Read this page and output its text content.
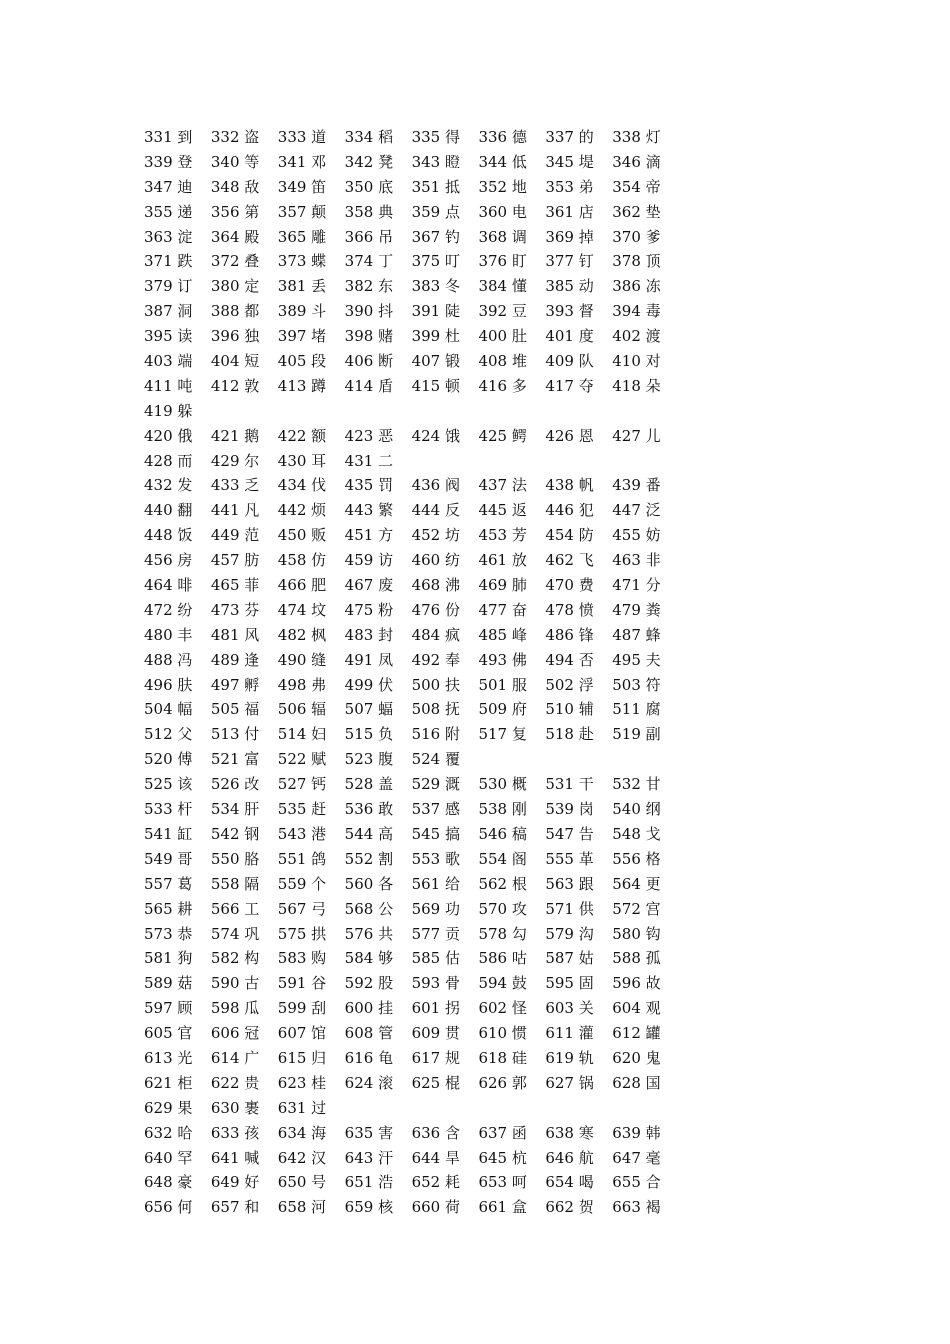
331 到 332 盗 333 道 334 稻 335 得 336 德 337 的 338 灯
339 登 340 等 341 邓 342 凳 343 瞪 344 低 345 堤 346 滴
347 迪 348 敌 349 笛 350 底 351 抵 352 地 353 弟 354 帝
355 递 356 第 357 颠 358 典 359 点 360 电 361 店 362 垫
363 淀 364 殿 365 雕 366 吊 367 钓 368 调 369 掉 370 爹
371 跌 372 叠 373 蝶 374 丁 375 叮 376 盯 377 钉 378 顶
379 订 380 定 381 丢 382 东 383 冬 384 懂 385 动 386 冻
387 洞 388 都 389 斗 390 抖 391 陡 392 豆 393 督 394 毒
395 读 396 独 397 堵 398 赌 399 杜 400 肚 401 度 402 渡
403 端 404 短 405 段 406 断 407 锻 408 堆 409 队 410 对
411 吨 412 敦 413 蹲 414 盾 415 顿 416 多 417 夺 418 朵
419 躲
420 俄 421 鹅 422 额 423 恶 424 饿 425 鳄 426 恩 427 儿
428 而 429 尔 430 耳 431 二
432 发 433 乏 434 伐 435 罚 436 阀 437 法 438 帆 439 番
440 翻 441 凡 442 烦 443 繁 444 反 445 返 446 犯 447 泛
448 饭 449 范 450 贩 451 方 452 坊 453 芳 454 防 455 妨
456 房 457 肪 458 仿 459 访 460 纺 461 放 462 飞 463 非
464 啡 465 菲 466 肥 467 废 468 沸 469 肺 470 费 471 分
472 纷 473 芬 474 坟 475 粉 476 份 477 奋 478 愤 479 粪
480 丰 481 风 482 枫 483 封 484 疯 485 峰 486 锋 487 蜂
488 冯 489 逢 490 缝 491 凤 492 奉 493 佛 494 否 495 夫
496 肤 497 孵 498 弗 499 伏 500 扶 501 服 502 浮 503 符
504 幅 505 福 506 辐 507 蝠 508 抚 509 府 510 辅 511 腐
512 父 513 付 514 妇 515 负 516 附 517 复 518 赴 519 副
520 傅 521 富 522 赋 523 腹 524 覆
525 该 526 改 527 钙 528 盖 529 溉 530 概 531 干 532 甘
533 杆 534 肝 535 赶 536 敢 537 感 538 刚 539 岗 540 纲
541 缸 542 钢 543 港 544 高 545 搞 546 稿 547 告 548 戈
549 哥 550 胳 551 鸽 552 割 553 歌 554 阁 555 革 556 格
557 葛 558 隔 559 个 560 各 561 给 562 根 563 跟 564 更
565 耕 566 工 567 弓 568 公 569 功 570 攻 571 供 572 宫
573 恭 574 巩 575 拱 576 共 577 贡 578 勾 579 沟 580 钩
581 狗 582 构 583 购 584 够 585 估 586 咕 587 姑 588 孤
589 菇 590 古 591 谷 592 股 593 骨 594 鼓 595 固 596 故
597 顾 598 瓜 599 刮 600 挂 601 拐 602 怪 603 关 604 观
605 官 606 冠 607 馆 608 管 609 贯 610 惯 611 灌 612 罐
613 光 614 广 615 归 616 龟 617 规 618 硅 619 轨 620 鬼
621 柜 622 贵 623 桂 624 滚 625 棍 626 郭 627 锅 628 国
629 果 630 裹 631 过
632 哈 633 孩 634 海 635 害 636 含 637 函 638 寒 639 韩
640 罕 641 喊 642 汉 643 汗 644 旱 645 杭 646 航 647 毫
648 豪 649 好 650 号 651 浩 652 耗 653 呵 654 喝 655 合
656 何 657 和 658 河 659 核 660 荷 661 盒 662 贺 663 褐
